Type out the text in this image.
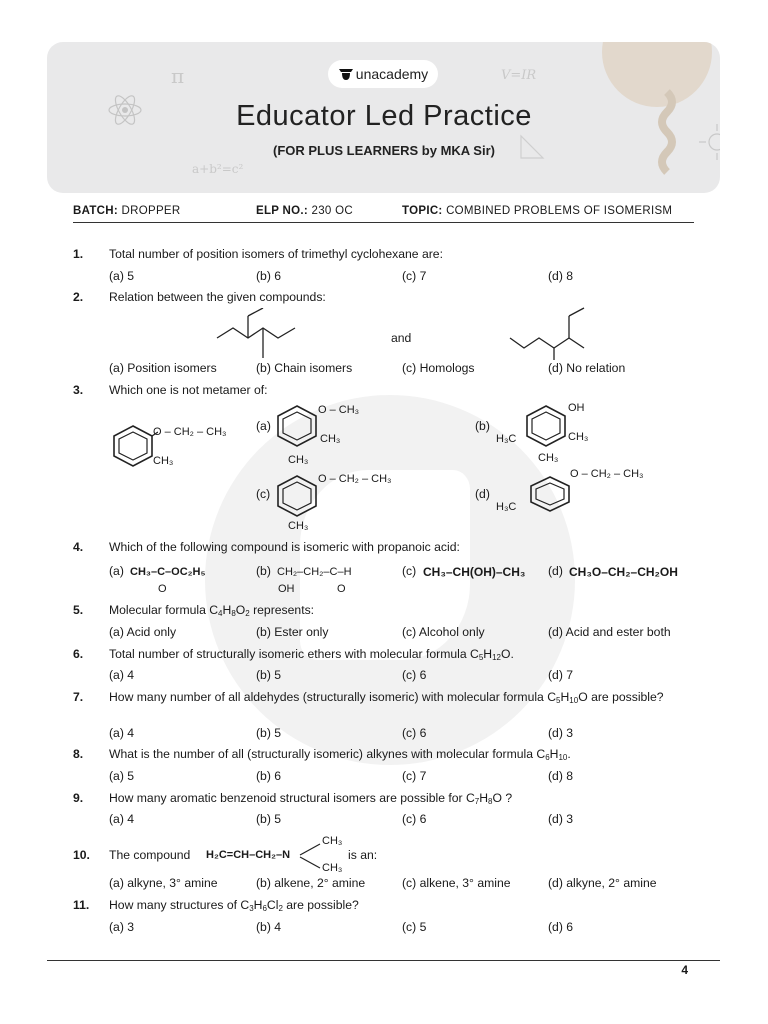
π	V=IR
a+b²=c²
unacademy
Educator Led Practice
(FOR PLUS LEARNERS by MKA Sir)
BATCH: DROPPER	ELP NO.: 230 OC	TOPIC: COMBINED PROBLEMS OF ISOMERISM
1. Total number of position isomers of trimethyl cyclohexane are:
(a) 5	(b) 6	(c) 7	(d) 8
2. Relation between the given compounds:
and
(a) Position isomers	(b) Chain isomers	(c) Homologs	(d) No relation
3. Which one is not metamer of:
O – CH₂ – CH₃
CH₃
(a)
O – CH₃
CH₃
CH₃
(b)
OH
H₃C	CH₃
CH₃
(c)
O – CH₂ – CH₃
CH₃
(d)
O – CH₂ – CH₃
H₃C
4. Which of the following compound is isomeric with propanoic acid:
(a) CH₃–C–OC₂H₅
O
(b) CH₂–CH₂–C–H
OH	O
(c) CH₃–CH(OH)–CH₃ (d) CH₃O–CH₂–CH₂OH
5. Molecular formula $C_4H_8O_2$ represents:
(a) Acid only	(b) Ester only	(c) Alcohol only	(d) Acid and ester both
6. Total number of structurally isomeric ethers with molecular formula $C_5H_{12}O$.
(a) 4	(b) 5	(c) 6	(d) 7
7. How many number of all aldehydes (structurally isomeric) with molecular formula $C_5H_{10}O$ are possible?
(a) 4	(b) 5	(c) 6	(d) 3
8. What is the number of all (structurally isomeric) alkynes with molecular formula $C_6H_{10}$.
(a) 5	(b) 6	(c) 7	(d) 8
9. How many aromatic benzenoid structural isomers are possible for $C_7H_8O$ ?
(a) 4	(b) 5	(c) 6	(d) 3
10. The compound	H₂C=CH–CH₂–N
CH₃
CH₃
is an:
(a) alkyne, 3° amine	(b) alkene, 2° amine	(c) alkene, 3° amine	(d) alkyne, 2° amine
11. How many structures of $C_3H_6Cl_2$ are possible?
(a) 3	(b) 4	(c) 5	(d) 6
4
